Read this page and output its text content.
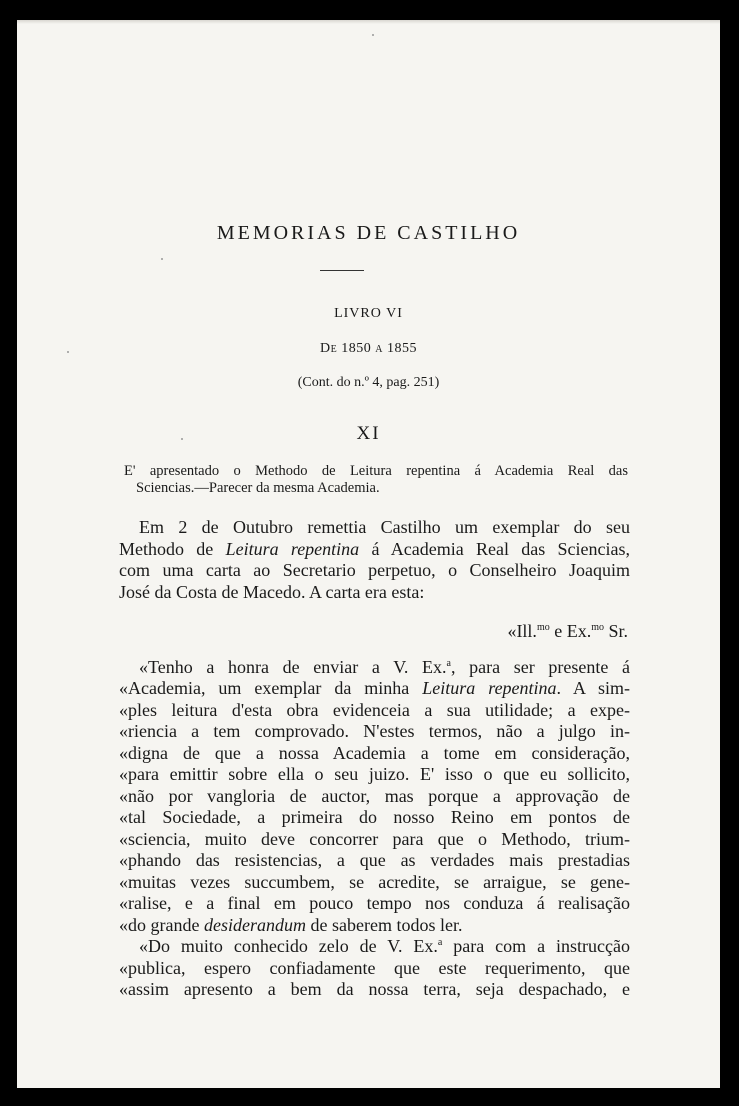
MEMORIAS DE CASTILHO
LIVRO VI
De 1850 a 1855
(Cont. do n.º 4, pag. 251)
XI
E' apresentado o Methodo de Leitura repentina á Academia Real das
Sciencias.—Parecer da mesma Academia.
Em 2 de Outubro remettia Castilho um exemplar do seu
Methodo de Leitura repentina á Academia Real das Sciencias,
com uma carta ao Secretario perpetuo, o Conselheiro Joaquim
José da Costa de Macedo. A carta era esta:
«Ill.$^{mo}$ e Ex.$^{mo}$ Sr.
«Tenho a honra de enviar a V. Ex.$^a$, para ser presente á
«Academia, um exemplar da minha Leitura repentina. A sim-
«ples leitura d'esta obra evidenceia a sua utilidade; a expe-
«riencia a tem comprovado. N'estes termos, não a julgo in-
«digna de que a nossa Academia a tome em consideração,
«para emittir sobre ella o seu juizo. E' isso o que eu sollicito,
«não por vangloria de auctor, mas porque a approvação de
«tal Sociedade, a primeira do nosso Reino em pontos de
«sciencia, muito deve concorrer para que o Methodo, trium-
«phando das resistencias, a que as verdades mais prestadias
«muitas vezes succumbem, se acredite, se arraigue, se gene-
«ralise, e a final em pouco tempo nos conduza á realisação
«do grande desiderandum de saberem todos ler.
«Do muito conhecido zelo de V. Ex.$^a$ para com a instrucção
«publica, espero confiadamente que este requerimento, que
«assim apresento a bem da nossa terra, seja despachado, e
